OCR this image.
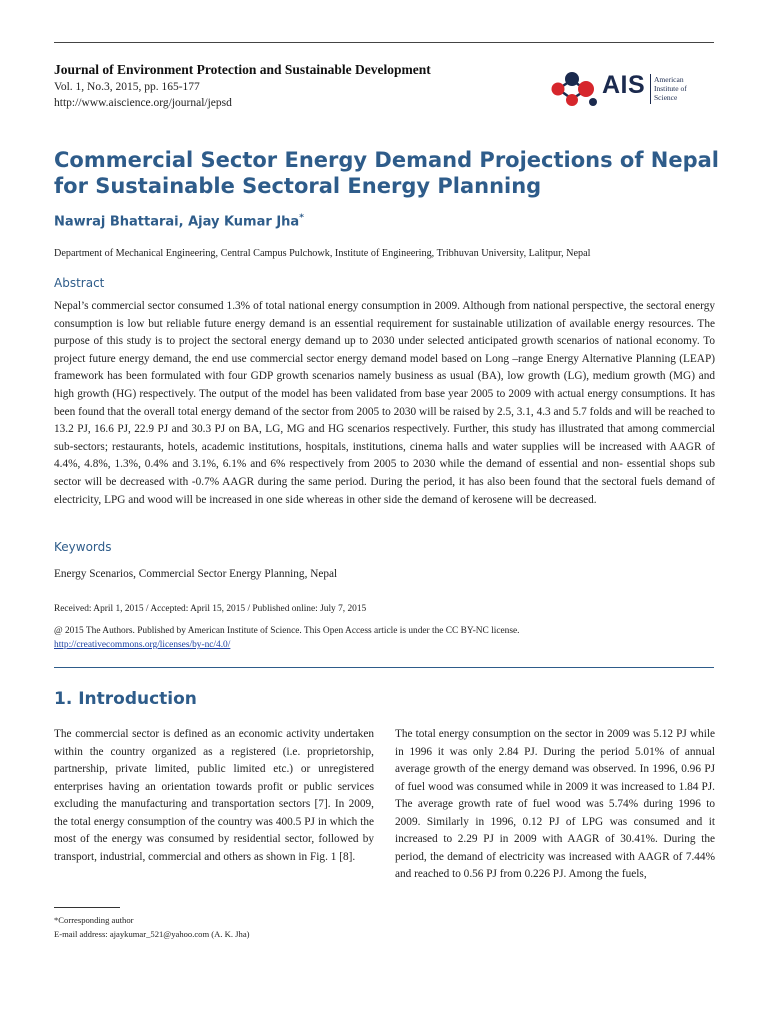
Journal of Environment Protection and Sustainable Development
Vol. 1, No.3, 2015, pp. 165-177
http://www.aiscience.org/journal/jepsd
AIS American
Institute of
Science
Commercial Sector Energy Demand Projections of Nepal for Sustainable Sectoral Energy Planning
Nawraj Bhattarai, Ajay Kumar Jha*
Department of Mechanical Engineering, Central Campus Pulchowk, Institute of Engineering, Tribhuvan University, Lalitpur, Nepal
Abstract
Nepal’s commercial sector consumed 1.3% of total national energy consumption in 2009. Although from national perspective, the sectoral energy consumption is low but reliable future energy demand is an essential requirement for sustainable utilization of available energy resources. The purpose of this study is to project the sectoral energy demand up to 2030 under selected anticipated growth scenarios of national economy. To project future energy demand, the end use commercial sector energy demand model based on Long –range Energy Alternative Planning (LEAP) framework has been formulated with four GDP growth scenarios namely business as usual (BA), low growth (LG), medium growth (MG) and high growth (HG) respectively. The output of the model has been validated from base year 2005 to 2009 with actual energy consumptions. It has been found that the overall total energy demand of the sector from 2005 to 2030 will be raised by 2.5, 3.1, 4.3 and 5.7 folds and will be reached to 13.2 PJ, 16.6 PJ, 22.9 PJ and 30.3 PJ on BA, LG, MG and HG scenarios respectively. Further, this study has illustrated that among commercial sub-sectors; restaurants, hotels, academic institutions, hospitals, institutions, cinema halls and water supplies will be increased with AAGR of 4.4%, 4.8%, 1.3%, 0.4% and 3.1%, 6.1% and 6% respectively from 2005 to 2030 while the demand of essential and non- essential shops sub sector will be decreased with -0.7% AAGR during the same period. During the period, it has also been found that the sectoral fuels demand of electricity, LPG and wood will be increased in one side whereas in other side the demand of kerosene will be decreased.
Keywords
Energy Scenarios, Commercial Sector Energy Planning, Nepal
Received: April 1, 2015 / Accepted: April 15, 2015 / Published online: July 7, 2015
@ 2015 The Authors. Published by American Institute of Science. This Open Access article is under the CC BY-NC license.
http://creativecommons.org/licenses/by-nc/4.0/
1. Introduction
The commercial sector is defined as an economic activity undertaken within the country organized as a registered (i.e. proprietorship, partnership, private limited, public limited etc.) or unregistered enterprises having an orientation towards profit or public services excluding the manufacturing and transportation sectors [7]. In 2009, the total energy consumption of the country was 400.5 PJ in which the most of the energy was consumed by residential sector, followed by transport, industrial, commercial and others as shown in Fig. 1 [8].
The total energy consumption on the sector in 2009 was 5.12 PJ while in 1996 it was only 2.84 PJ. During the period 5.01% of annual average growth of the energy demand was observed. In 1996, 0.96 PJ of fuel wood was consumed while in 2009 it was increased to 1.84 PJ. The average growth rate of fuel wood was 5.74% during 1996 to 2009. Similarly in 1996, 0.12 PJ of LPG was consumed and it increased to 2.29 PJ in 2009 with AAGR of 30.41%. During the period, the demand of electricity was increased with AAGR of 7.44% and reached to 0.56 PJ from 0.226 PJ. Among the fuels,
*Corresponding author
E-mail address: ajaykumar_521@yahoo.com (A. K. Jha)
